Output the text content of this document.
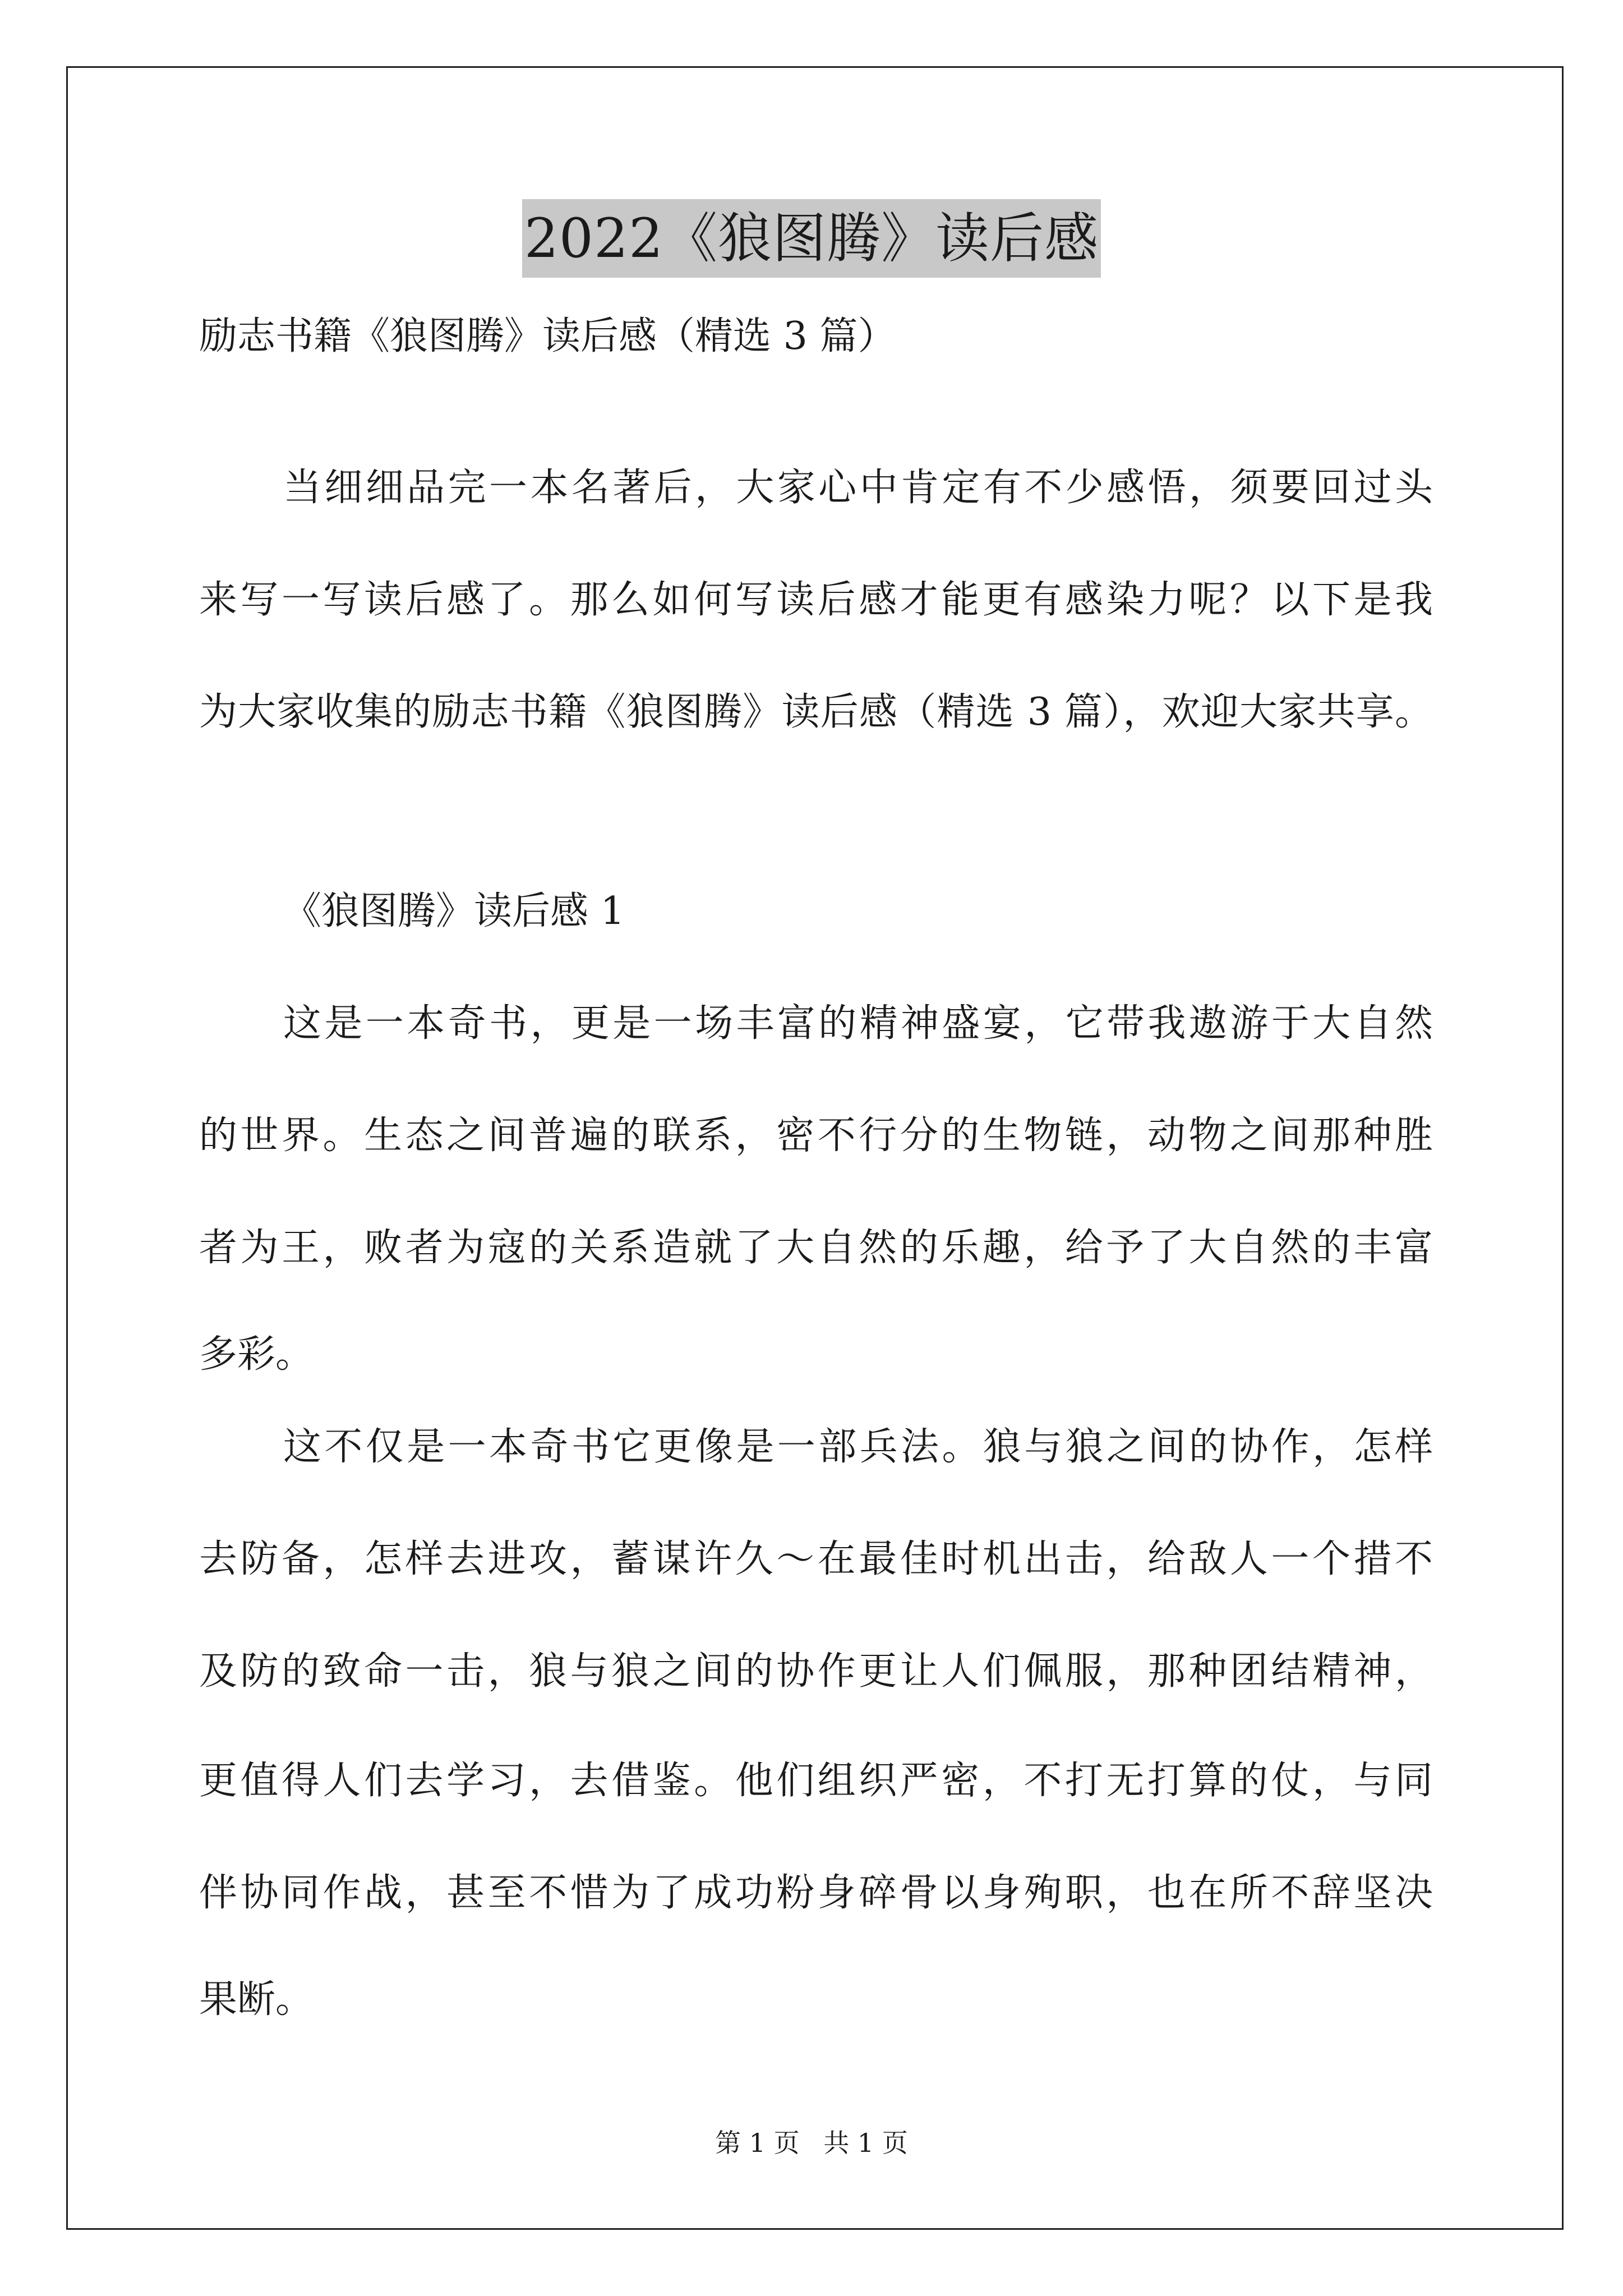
2022《狼图腾》读后感
励志书籍《狼图腾》读后感（精选 3 篇）
当细细品完一本名著后，大家心中肯定有不少感悟，须要回过头
来写一写读后感了。那么如何写读后感才能更有感染力呢？以下是我
为大家收集的励志书籍《狼图腾》读后感（精选 3 篇），欢迎大家共享。
《狼图腾》读后感 1
这是一本奇书，更是一场丰富的精神盛宴，它带我遨游于大自然
的世界。生态之间普遍的联系，密不行分的生物链，动物之间那种胜
者为王，败者为寇的关系造就了大自然的乐趣，给予了大自然的丰富
多彩。
这不仅是一本奇书它更像是一部兵法。狼与狼之间的协作，怎样
去防备，怎样去进攻，蓄谋许久～在最佳时机出击，给敌人一个措不
及防的致命一击，狼与狼之间的协作更让人们佩服，那种团结精神，
更值得人们去学习，去借鉴。他们组织严密，不打无打算的仗，与同
伴协同作战，甚至不惜为了成功粉身碎骨以身殉职，也在所不辞坚决
果断。
第 1 页 共 1 页
